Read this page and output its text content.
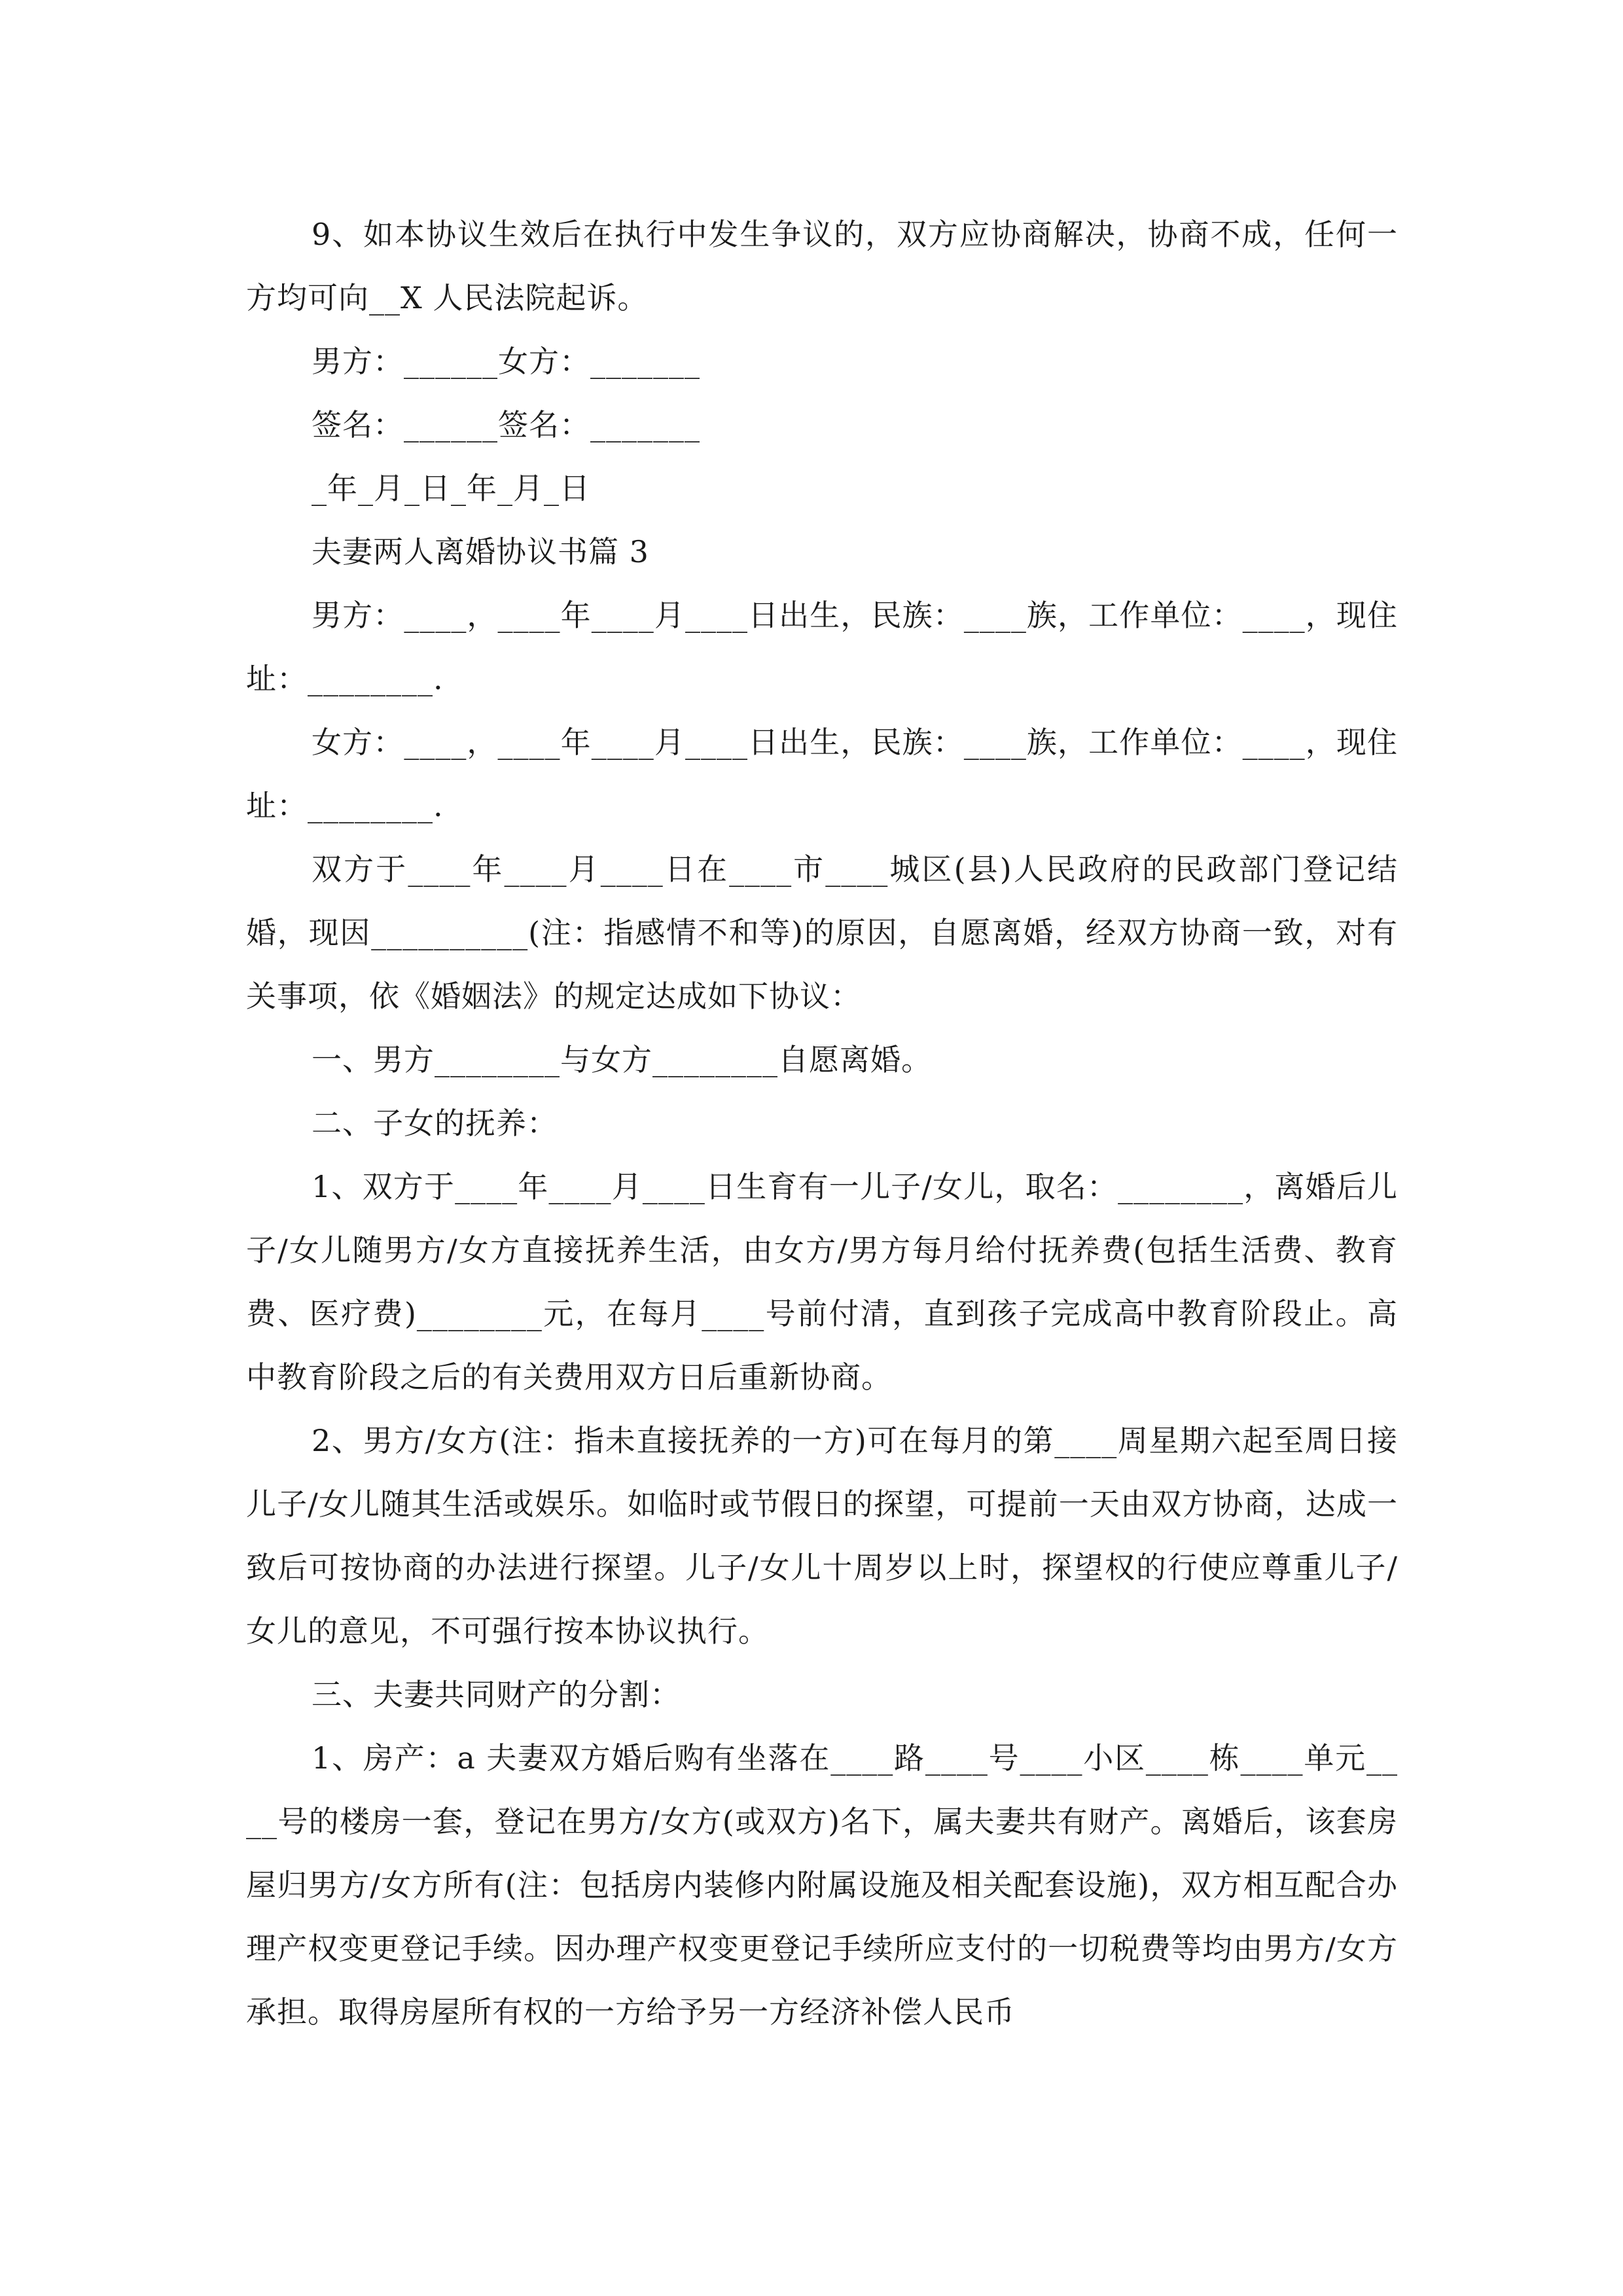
9、如本协议生效后在执行中发生争议的，双方应协商解决，协商不成，任何一方均可向__X 人民法院起诉。

男方：______女方：_______

签名：______签名：_______

_年_月_日_年_月_日

夫妻两人离婚协议书篇 3

男方：____，____年____月____日出生，民族：____族，工作单位：____，现住址：________.

女方：____，____年____月____日出生，民族：____族，工作单位：____，现住址：________.

双方于____年____月____日在____市____城区(县)人民政府的民政部门登记结婚，现因__________(注：指感情不和等)的原因，自愿离婚，经双方协商一致，对有关事项，依《婚姻法》的规定达成如下协议：

一、男方________与女方________自愿离婚。

二、子女的抚养：

1、双方于____年____月____日生育有一儿子/女儿，取名：________，离婚后儿子/女儿随男方/女方直接抚养生活，由女方/男方每月给付抚养费(包括生活费、教育费、医疗费)________元，在每月____号前付清，直到孩子完成高中教育阶段止。高中教育阶段之后的有关费用双方日后重新协商。

2、男方/女方(注：指未直接抚养的一方)可在每月的第____周星期六起至周日接儿子/女儿随其生活或娱乐。如临时或节假日的探望，可提前一天由双方协商，达成一致后可按协商的办法进行探望。儿子/女儿十周岁以上时，探望权的行使应尊重儿子/女儿的意见，不可强行按本协议执行。

三、夫妻共同财产的分割：

1、房产：a 夫妻双方婚后购有坐落在____路____号____小区____栋____单元____号的楼房一套，登记在男方/女方(或双方)名下，属夫妻共有财产。离婚后，该套房屋归男方/女方所有(注：包括房内装修内附属设施及相关配套设施)，双方相互配合办理产权变更登记手续。因办理产权变更登记手续所应支付的一切税费等均由男方/女方承担。取得房屋所有权的一方给予另一方经济补偿人民币
